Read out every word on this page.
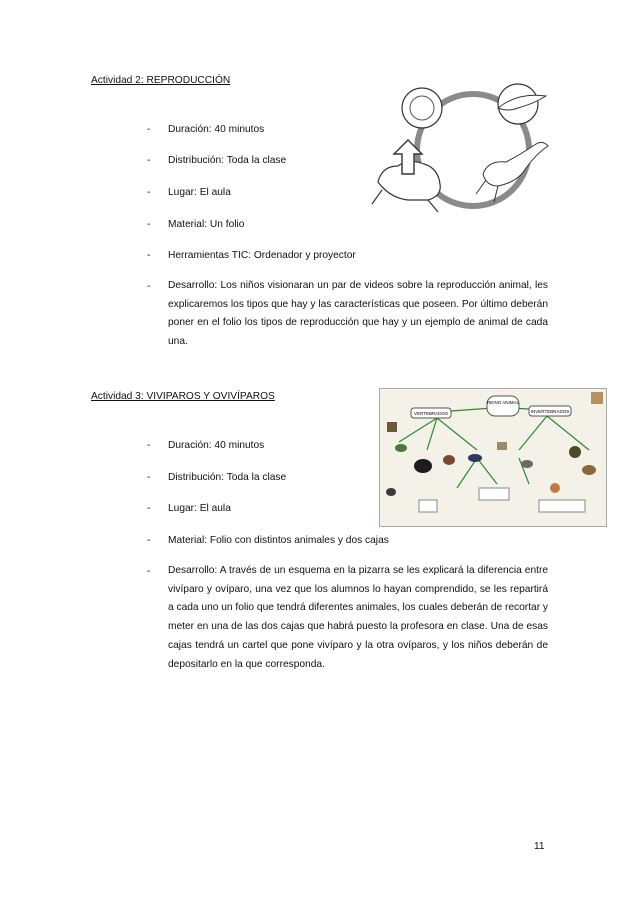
Actividad 2: REPRODUCCIÓN
- Duración: 40 minutos
- Distribución: Toda la clase
- Lugar: El aula
- Material: Un folio
- Herramientas TIC: Ordenador y proyector
- Desarrollo: Los niños visionaran un par de videos sobre la reproducción animal, les explicaremos los tipos que hay y las características que poseen. Por último deberán poner en el folio los tipos de reproducción que hay y un ejemplo de animal de cada una.
Actividad 3: VIVIPAROS Y OVIVÍPAROS
REINO ANIMAL
VERTEBRADOS	INVERTEBRADOS
- Duración: 40 minutos
- Distribución: Toda la clase
- Lugar: El aula
- Material: Folio con distintos animales y dos cajas
- Desarrollo: A través de un esquema en la pizarra se les explicará la diferencia entre vivíparo y ovíparo, una vez que los alumnos lo hayan comprendido, se les repartirá a cada uno un folio que tendrá diferentes animales, los cuales deberán de recortar y meter en una de las dos cajas que habrá puesto la profesora en clase. Una de esas cajas tendrá un cartel que pone vivíparo y la otra ovíparos, y los niños deberán de depositarlo en la que corresponda.
11
